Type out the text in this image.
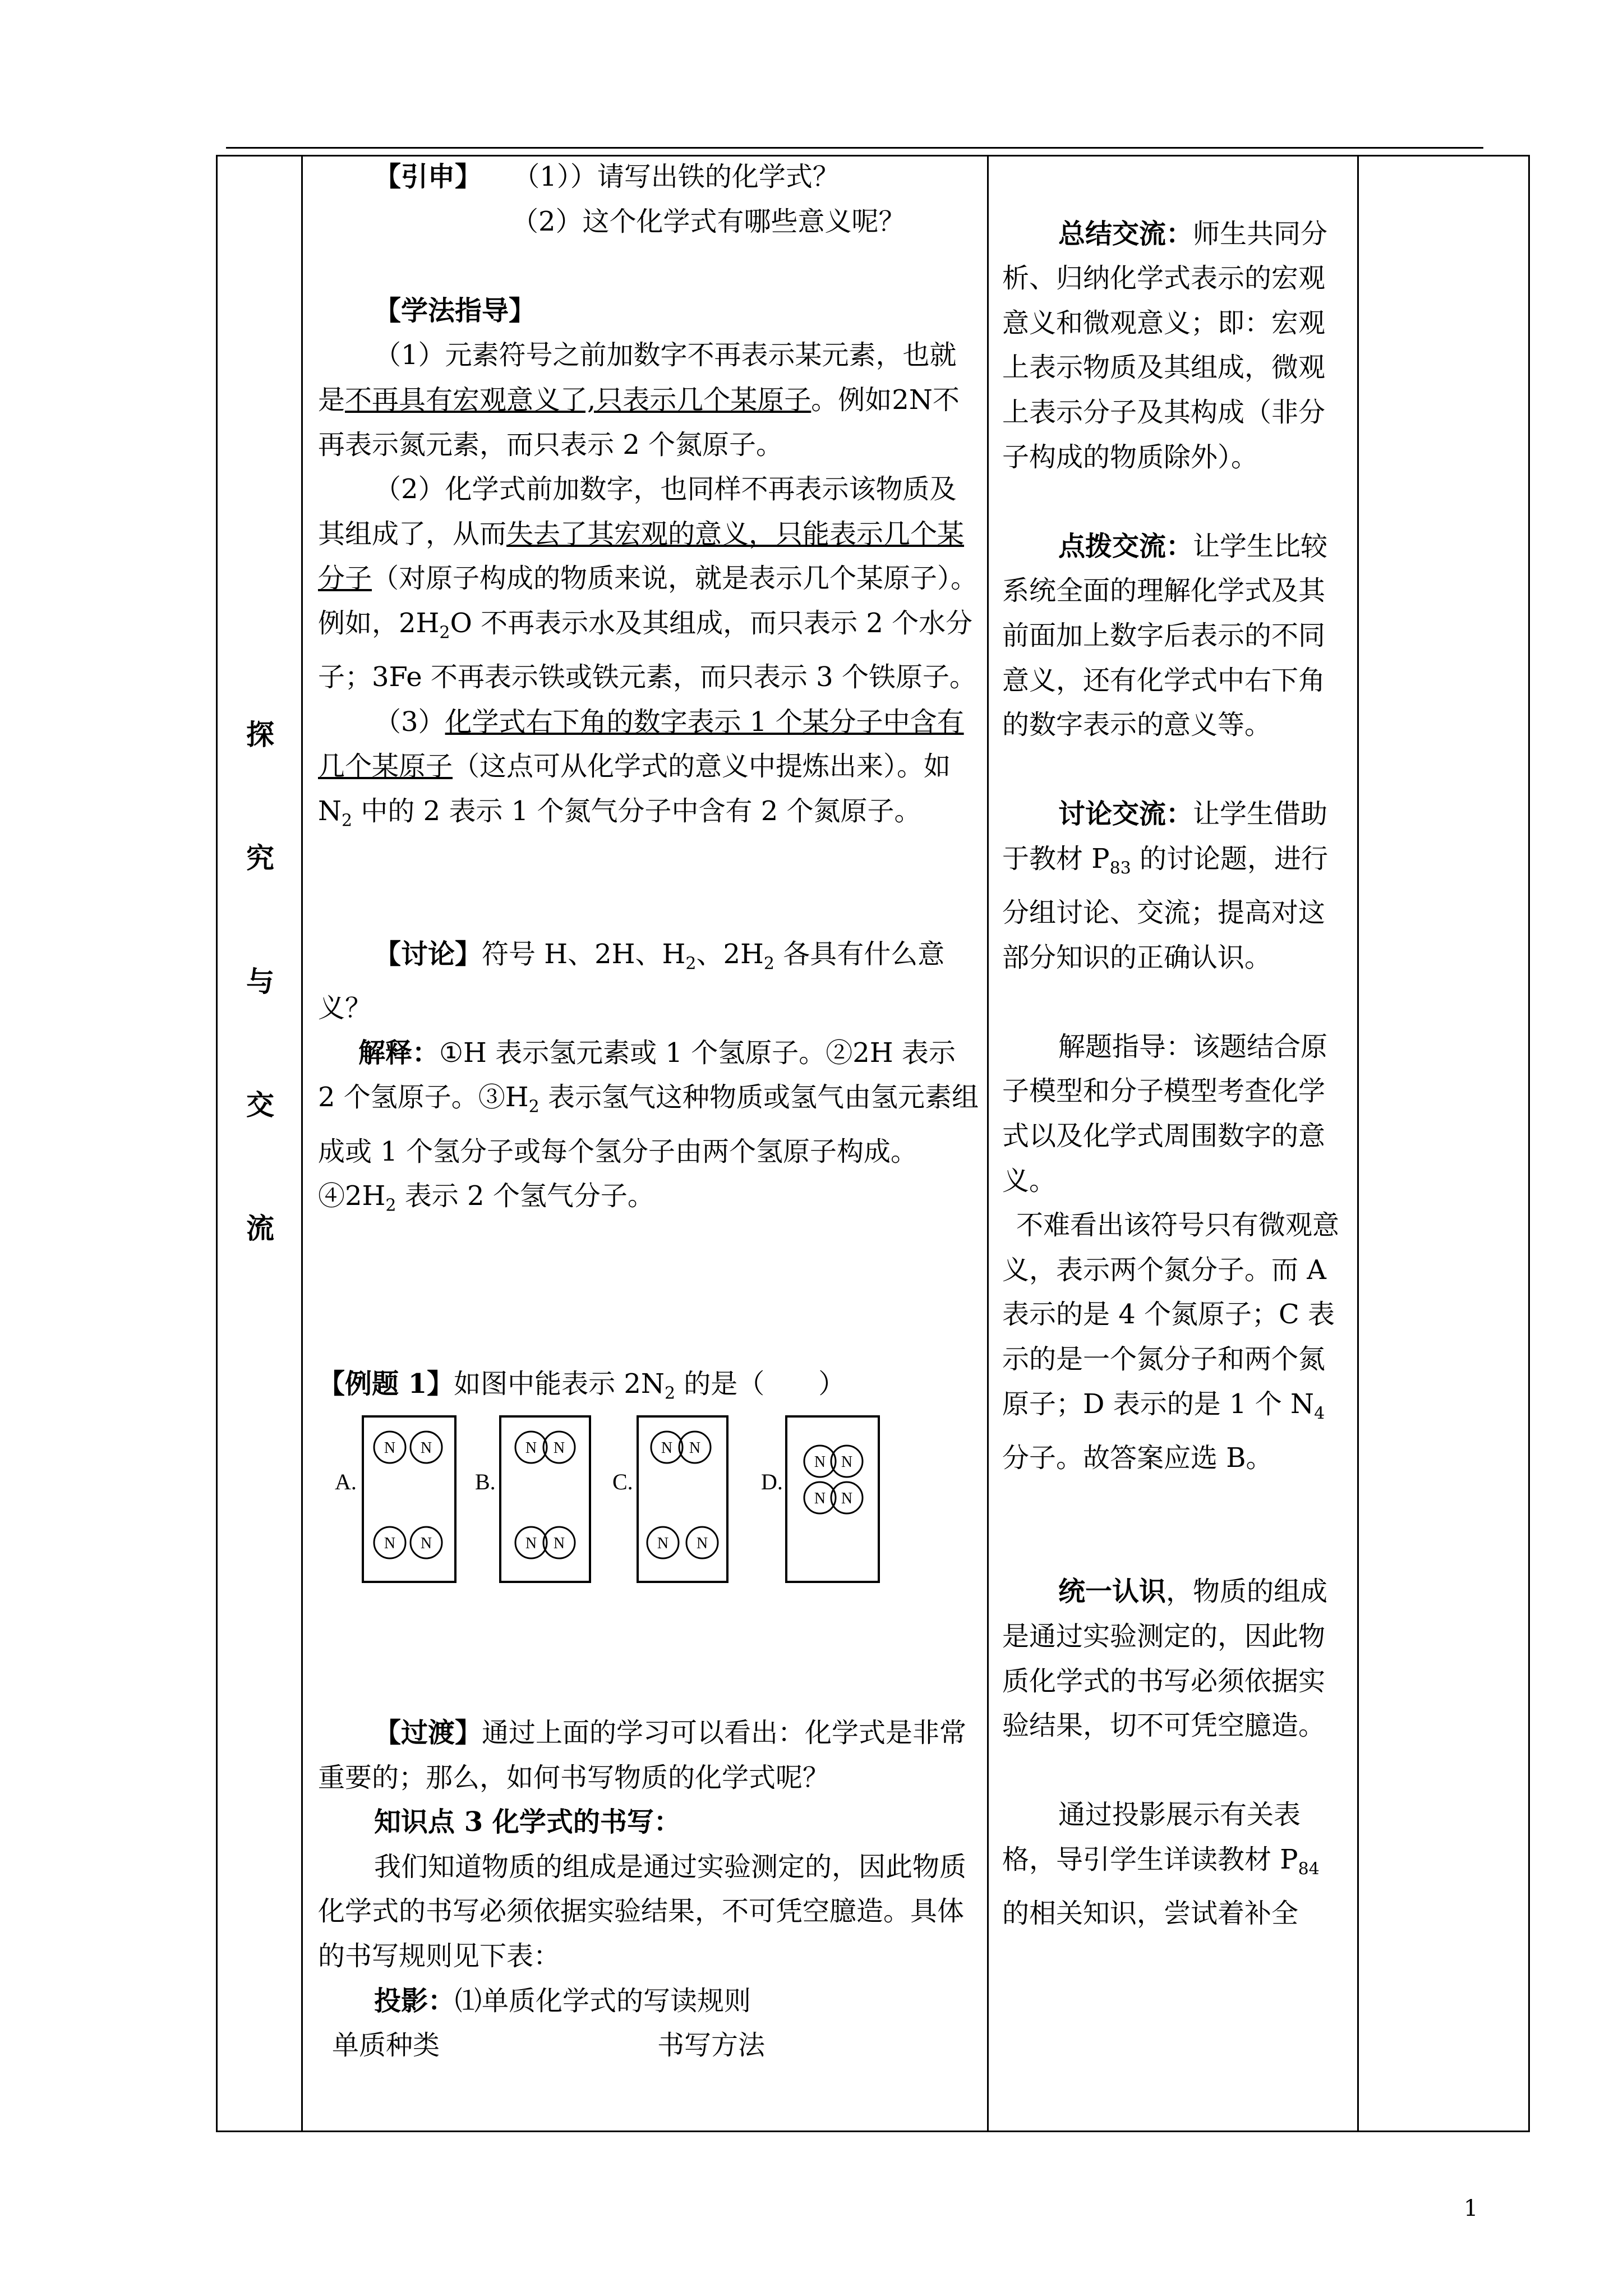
探
究
与
交
流

【引申】 （1））请写出铁的化学式？

（2）这个化学式有哪些意义呢？

【学法指导】

（1）元素符号之前加数字不再表示某元素，也就是不再具有宏观意义了,只表示几个某原子。例如2N不再表示氮元素，而只表示 2 个氮原子。

（2）化学式前加数字，也同样不再表示该物质及其组成了，从而失去了其宏观的意义，只能表示几个某分子（对原子构成的物质来说，就是表示几个某原子）。例如，$2H_2O$ 不再表示水及其组成，而只表示 2 个水分子；3Fe 不再表示铁或铁元素，而只表示 3 个铁原子。

（3）化学式右下角的数字表示 1 个某分子中含有几个某原子（这点可从化学式的意义中提炼出来）。如 $N_2$ 中的 2 表示 1 个氮气分子中含有 2 个氮原子。

【讨论】符号 H、2H、$H_2$、$2H_2$ 各具有什么意义？

解释：①H 表示氢元素或 1 个氢原子。②2H 表示 2 个氢原子。$③H_2$ 表示氢气这种物质或氢气由氢元素组成或 1 个氢分子或每个氢分子由两个氢原子构成。$④2H_2$ 表示 2 个氢气分子。

【例题 1】如图中能表示 $2N_2$ 的是（　　）

A.
N N
N N
B.
N N
N N
C.
N N
N N
D.
N N
N N

【过渡】通过上面的学习可以看出：化学式是非常重要的；那么，如何书写物质的化学式呢？

知识点 3 化学式的书写：

我们知道物质的组成是通过实验测定的，因此物质化学式的书写必须依据实验结果，不可凭空臆造。具体的书写规则见下表：

投影：⑴单质化学式的写读规则

单质种类	书写方法

总结交流：师生共同分析、归纳化学式表示的宏观意义和微观意义；即：宏观上表示物质及其组成，微观上表示分子及其构成（非分子构成的物质除外）。

点拨交流：让学生比较系统全面的理解化学式及其前面加上数字后表示的不同意义，还有化学式中右下角的数字表示的意义等。

讨论交流：让学生借助于教材 $P_{83}$ 的讨论题，进行分组讨论、交流；提高对这部分知识的正确认识。

解题指导：该题结合原子模型和分子模型考查化学式以及化学式周围数字的意义。

不难看出该符号只有微观意义，表示两个氮分子。而 A 表示的是 4 个氮原子；C 表示的是一个氮分子和两个氮原子；D 表示的是 1 个 $N_4$ 分子。故答案应选 B。

统一认识，物质的组成是通过实验测定的，因此物质化学式的书写必须依据实验结果，切不可凭空臆造。

通过投影展示有关表格，导引学生详读教材 $P_{84}$ 的相关知识，尝试着补全

1
